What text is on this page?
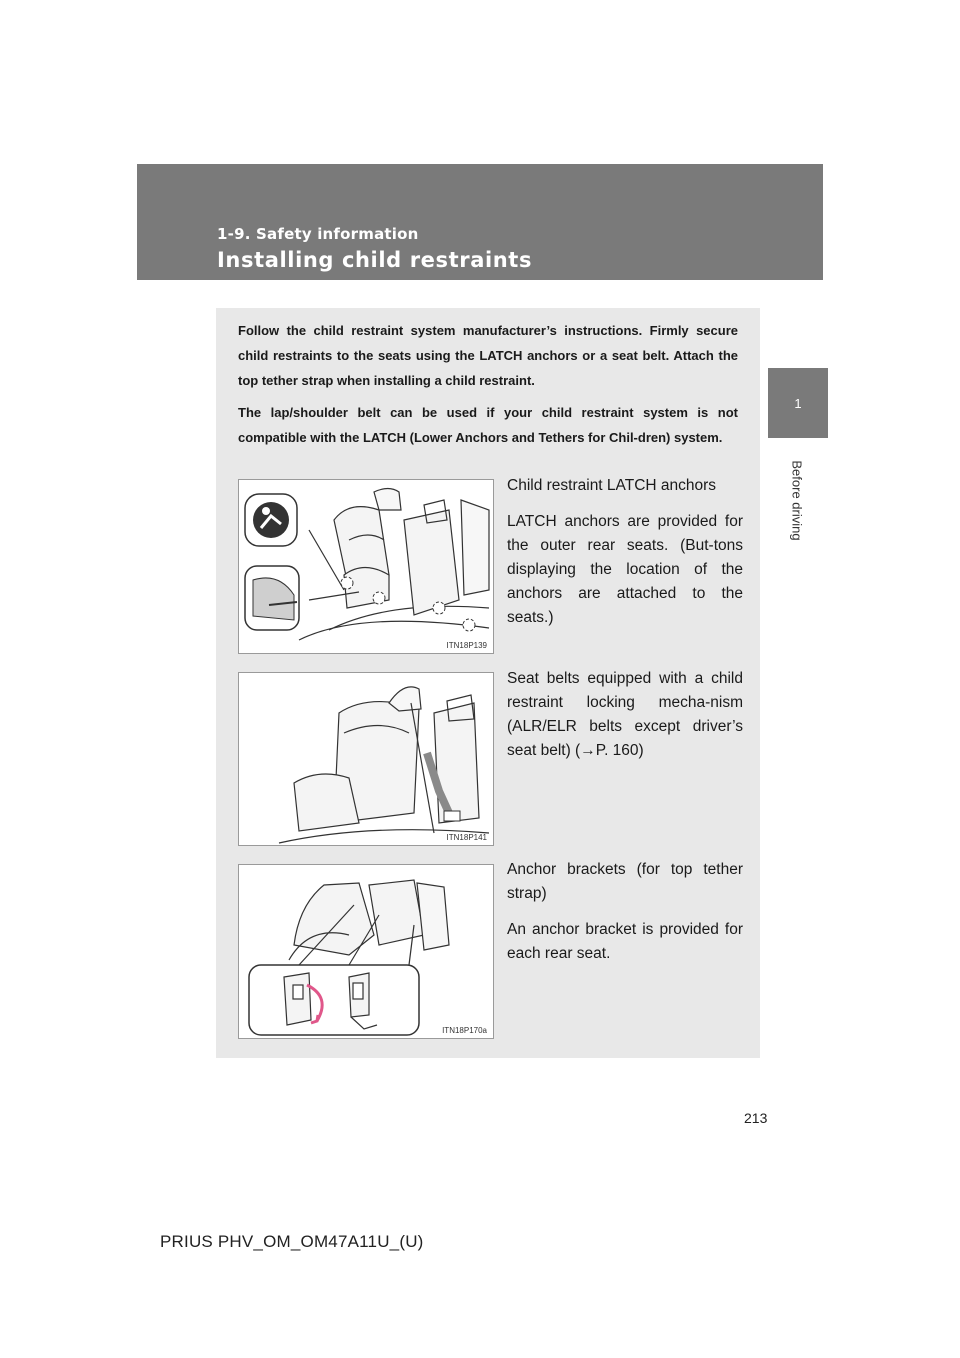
1-9. Safety information
Installing child restraints
1
Before driving

Follow the child restraint system manufacturer’s instructions. Firmly secure child restraints to the seats using the LATCH anchors or a seat belt. Attach the top tether strap when installing a child restraint.

The lap/shoulder belt can be used if your child restraint system is not compatible with the LATCH (Lower Anchors and Tethers for Chil-dren) system.

ITN18P139

Child restraint LATCH anchors

LATCH anchors are provided for the outer rear seats. (But-tons displaying the location of the anchors are attached to the seats.)

ITN18P141

Seat belts equipped with a child restraint locking mecha-nism (ALR/ELR belts except driver’s seat belt) (→P. 160)

ITN18P170a

Anchor brackets (for top tether strap)

An anchor bracket is provided for each rear seat.

213
PRIUS PHV_OM_OM47A11U_(U)
